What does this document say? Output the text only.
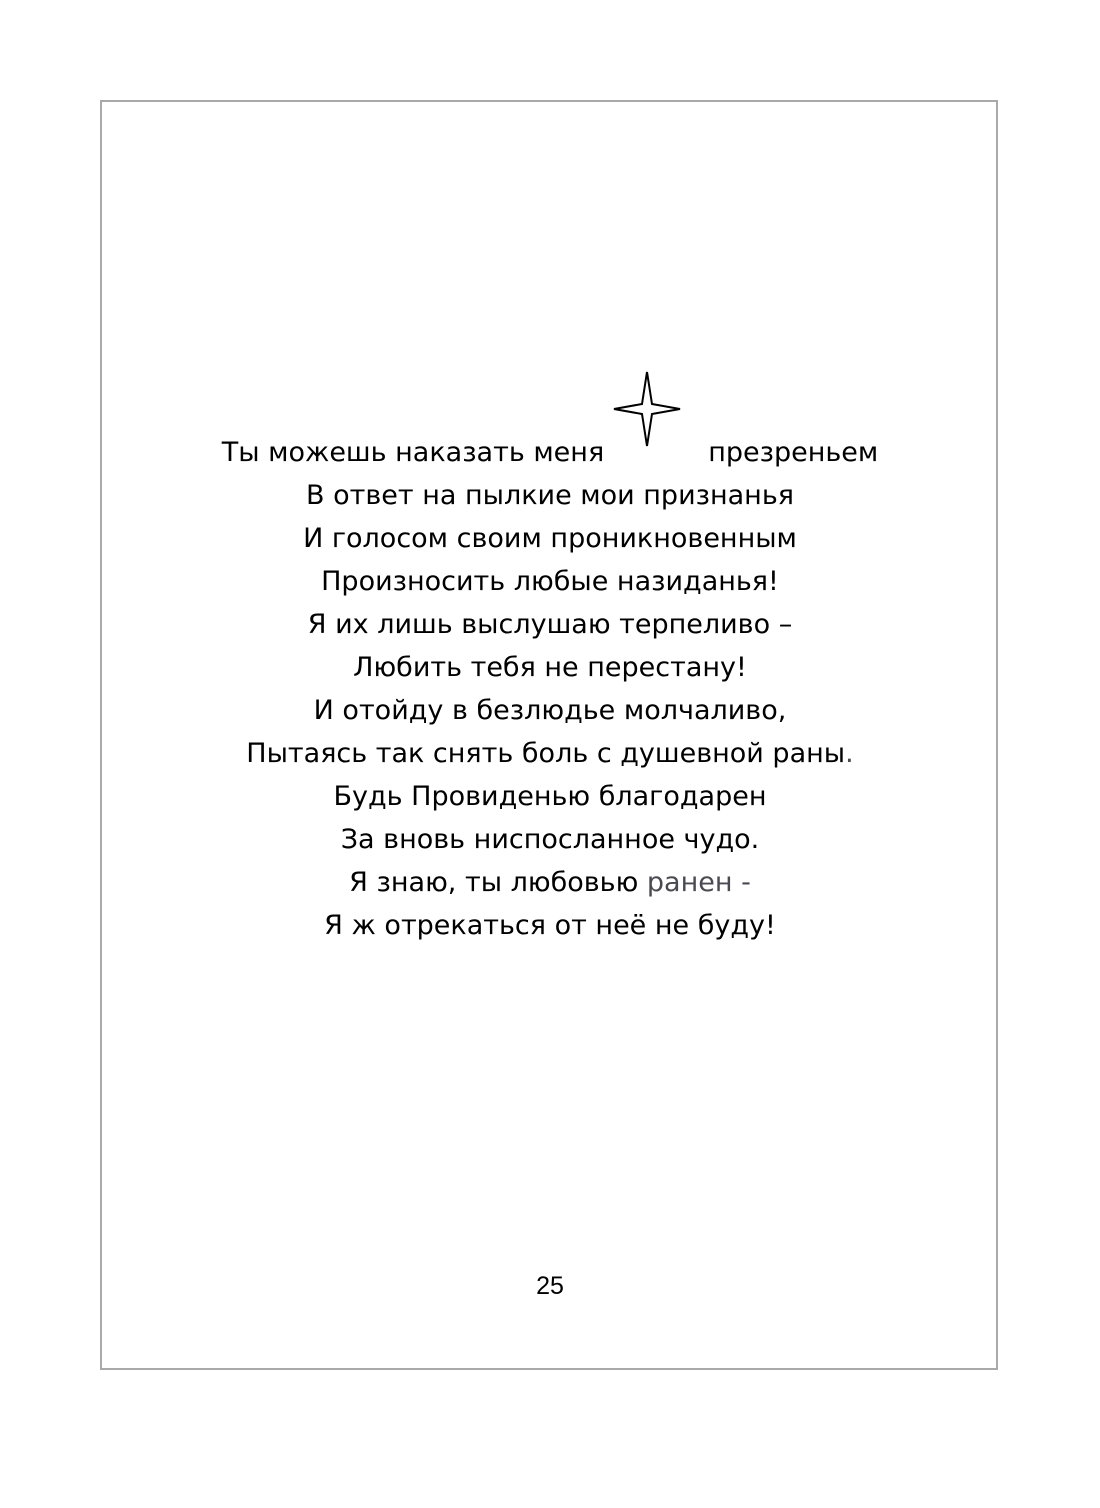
Ты можешь наказать меня	презреньем
В ответ на пылкие мои признанья
И голосом своим проникновенным
Произносить любые назиданья!
Я их лишь выслушаю терпеливо –
Любить тебя не перестану!
И отойду в безлюдье молчаливо,
Пытаясь так снять боль с душевной раны.
Будь Провиденью благодарен
За вновь ниспосланное чудо.
Я знаю, ты любовью ранен -
Я ж отрекаться от неё не буду!
25
